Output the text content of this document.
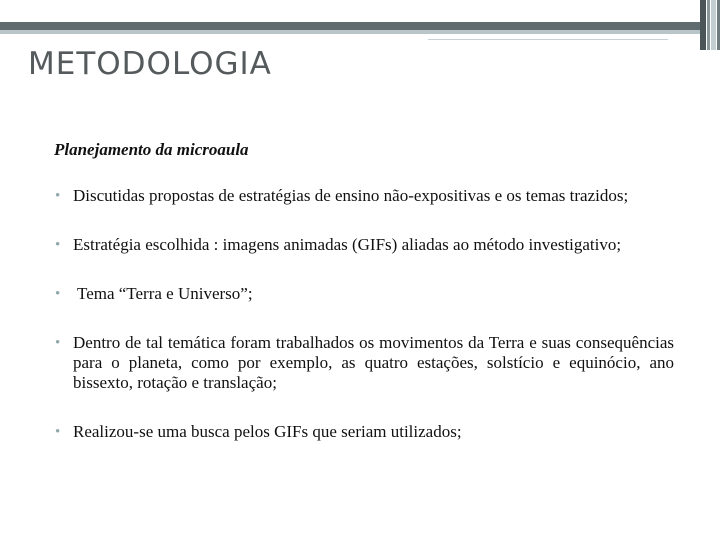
METODOLOGIA
Planejamento da microaula
• Discutidas propostas de estratégias de ensino não-expositivas e os temas trazidos;
• Estratégia escolhida : imagens animadas (GIFs) aliadas ao método investigativo;
• Tema “Terra e Universo”;
• Dentro de tal temática foram trabalhados os movimentos da Terra e suas consequências para o planeta, como por exemplo, as quatro estações, solstício e equinócio, ano bissexto, rotação e translação;
• Realizou-se uma busca pelos GIFs que seriam utilizados;
